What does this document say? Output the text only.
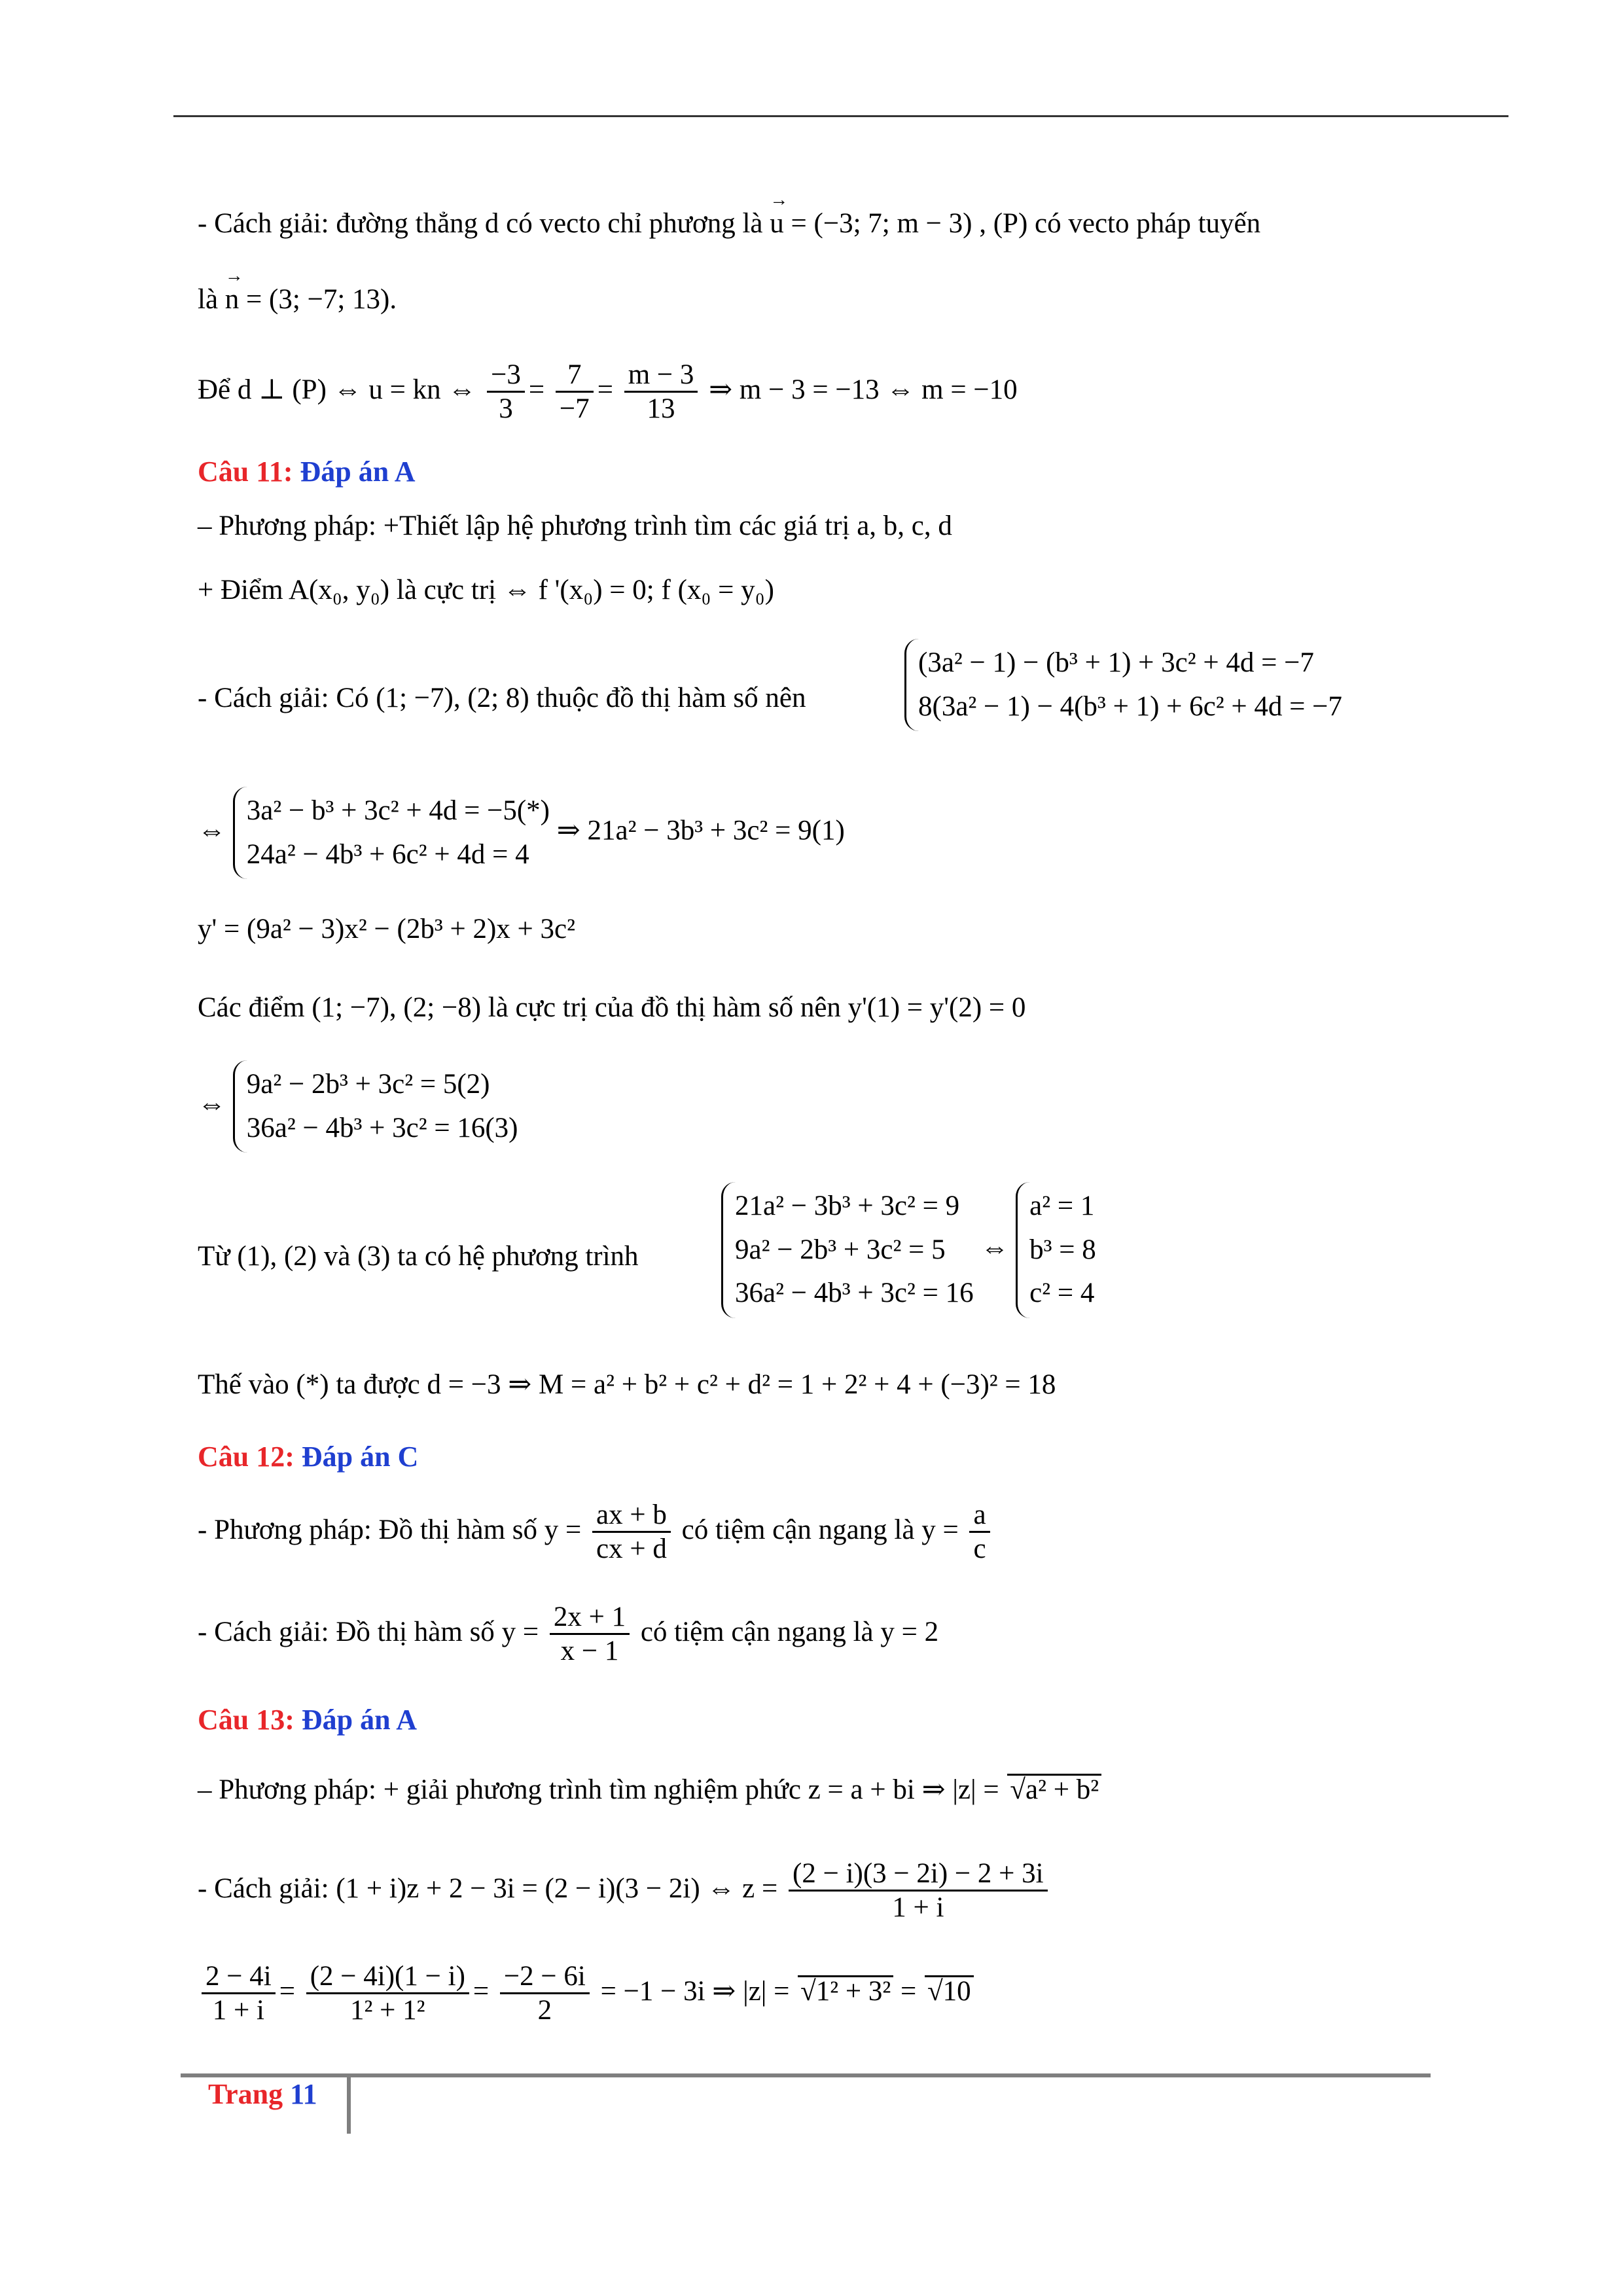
- Cách giải: đường thẳng d có vecto chỉ phương là → u = (−3; 7; m − 3) , (P) có vecto pháp tuyến
là → n = (3; −7; 13).
Để d ⊥ (P) ⇔ u = kn ⇔ $\frac{-3}{3} = \frac{7}{-7} = \frac{m - 3}{13}$ ⇒ m − 3 = −13 ⇔ m = −10
Câu 11: Đáp án A
– Phương pháp: +Thiết lập hệ phương trình tìm các giá trị a, b, c, d
+ Điểm A(x₀, y₀) là cực trị ⇔ f '(x₀) = 0; f (x₀ = y₀)
- Cách giải: Có (1; −7), (2; 8) thuộc đồ thị hàm số nên
(3a² − 1) − (b³ + 1) + 3c² + 4d = −7
8(3a² − 1) − 4(b³ + 1) + 6c² + 4d = −7
⇔
3a² − b³ + 3c² + 4d = −5(*)
24a² − 4b³ + 6c² + 4d = 4
⇒ 21a² − 3b³ + 3c² = 9(1)
y' = (9a² − 3)x² − (2b³ + 2)x + 3c²
Các điểm (1; −7), (2; −8) là cực trị của đồ thị hàm số nên y'(1) = y'(2) = 0
⇔
9a² − 2b³ + 3c² = 5(2)
36a² − 4b³ + 3c² = 16(3)
Từ (1), (2) và (3) ta có hệ phương trình
21a² − 3b³ + 3c² = 9
9a² − 2b³ + 3c² = 5
36a² − 4b³ + 3c² = 16
⇔
a² = 1
b³ = 8
c² = 4
Thế vào (*) ta được d = −3 ⇒ M = a² + b² + c² + d² = 1 + 2² + 4 + (−3)² = 18
Câu 12: Đáp án C
- Phương pháp: Đồ thị hàm số $y = \frac{ax + b}{cx + d}$ có tiệm cận ngang là $y = \frac{a}{c}$
- Cách giải: Đồ thị hàm số $y = \frac{2x + 1}{x - 1}$ có tiệm cận ngang là y = 2
Câu 13: Đáp án A
– Phương pháp: + giải phương trình tìm nghiệm phức z = a + bi ⇒ |z| = √a² + b²
- Cách giải: (1 + i)z + 2 − 3i = (2 − i)(3 − 2i) ⇔ $z = \frac{(2 - i)(3 - 2i) - 2 + 3i}{1 + i}$
$\frac{2 - 4i}{1 + i} = \frac{(2 - 4i)(1 - i)}{\text{1² + 1²}} = \frac{-2 - 6i}{2} = -1 - 3i$ ⇒ |z| = √1² + 3² = √10
Trang 11
